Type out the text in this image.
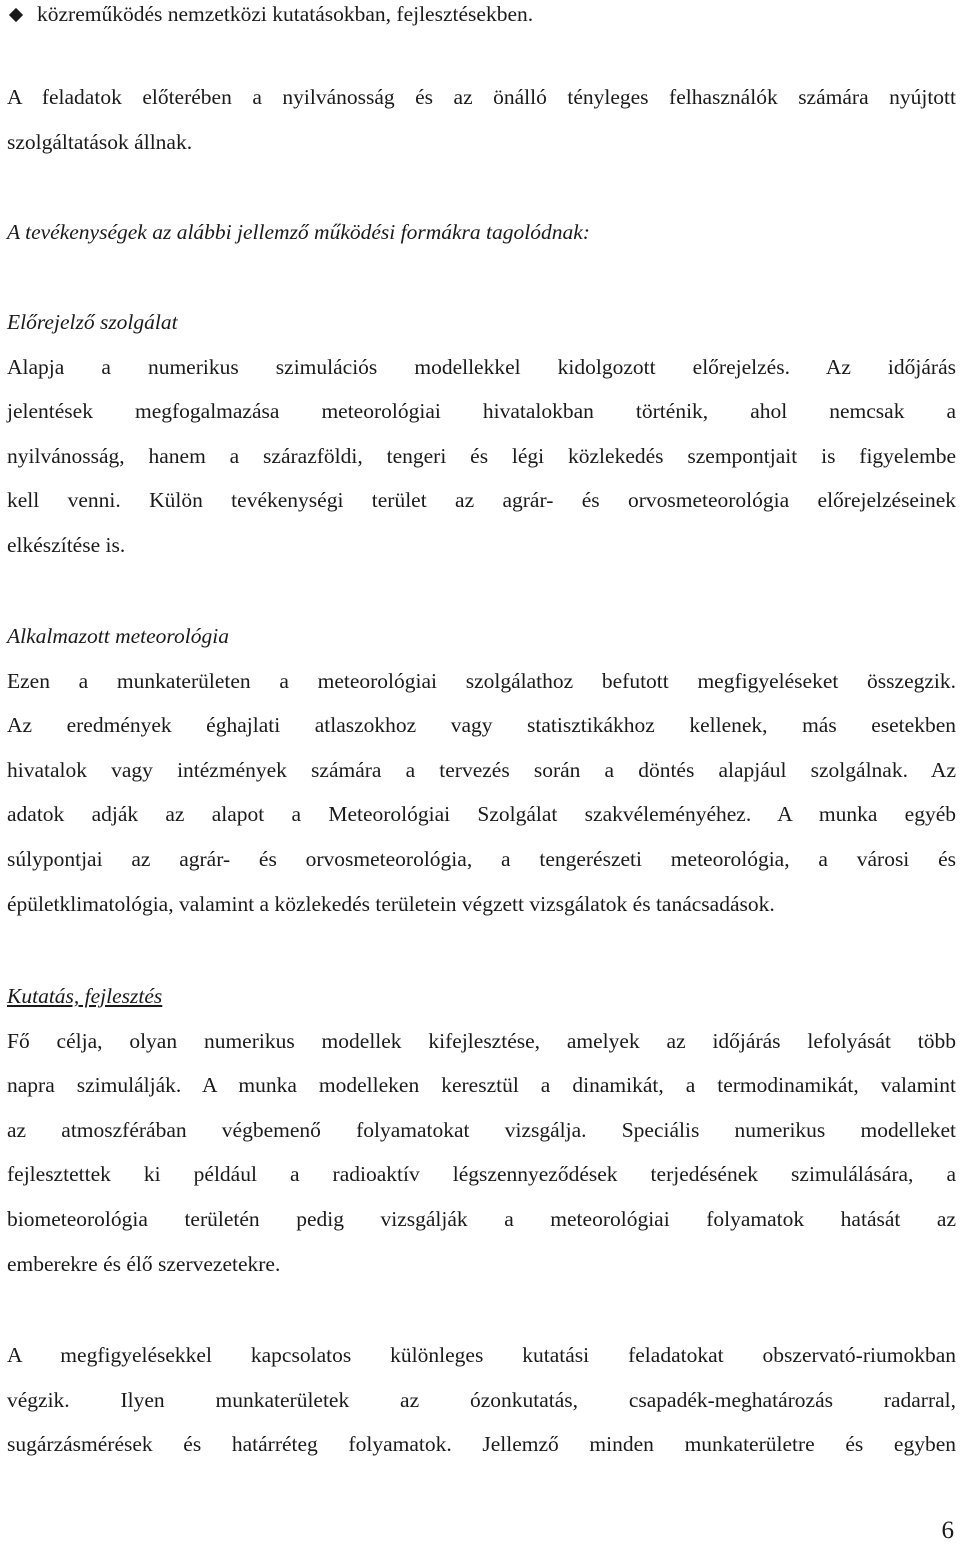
közreműködés nemzetközi kutatásokban, fejlesztésekben.
A feladatok előterében a nyilvánosság és az önálló tényleges felhasználók számára nyújtott
szolgáltatások állnak.
A tevékenységek az alábbi jellemző működési formákra tagolódnak:
Előrejelző szolgálat
Alapja a numerikus szimulációs modellekkel kidolgozott előrejelzés. Az időjárás
jelentések megfogalmazása meteorológiai hivatalokban történik, ahol nemcsak a
nyilvánosság, hanem a szárazföldi, tengeri és légi közlekedés szempontjait is figyelembe
kell venni. Külön tevékenységi terület az agrár- és orvosmeteorológia előrejelzéseinek
elkészítése is.
Alkalmazott meteorológia
Ezen a munkaterületen a meteorológiai szolgálathoz befutott megfigyeléseket összegzik.
Az eredmények éghajlati atlaszokhoz vagy statisztikákhoz kellenek, más esetekben
hivatalok vagy intézmények számára a tervezés során a döntés alapjául szolgálnak. Az
adatok adják az alapot a Meteorológiai Szolgálat szakvéleményéhez. A munka egyéb
súlypontjai az agrár- és orvosmeteorológia, a tengerészeti meteorológia, a városi és
épületklimatológia, valamint a közlekedés területein végzett vizsgálatok és tanácsadások.
Kutatás, fejlesztés
Fő célja, olyan numerikus modellek kifejlesztése, amelyek az időjárás lefolyását több
napra szimulálják. A munka modelleken keresztül a dinamikát, a termodinamikát, valamint
az atmoszférában végbemenő folyamatokat vizsgálja. Speciális numerikus modelleket
fejlesztettek ki például a radioaktív légszennyeződések terjedésének szimulálására, a
biometeorológia területén pedig vizsgálják a meteorológiai folyamatok hatását az
emberekre és élő szervezetekre.
A megfigyelésekkel kapcsolatos különleges kutatási feladatokat obszervató-riumokban
végzik. Ilyen munkaterületek az ózonkutatás, csapadék-meghatározás radarral,
sugárzásmérések és határréteg folyamatok. Jellemző minden munkaterületre és egyben
6
